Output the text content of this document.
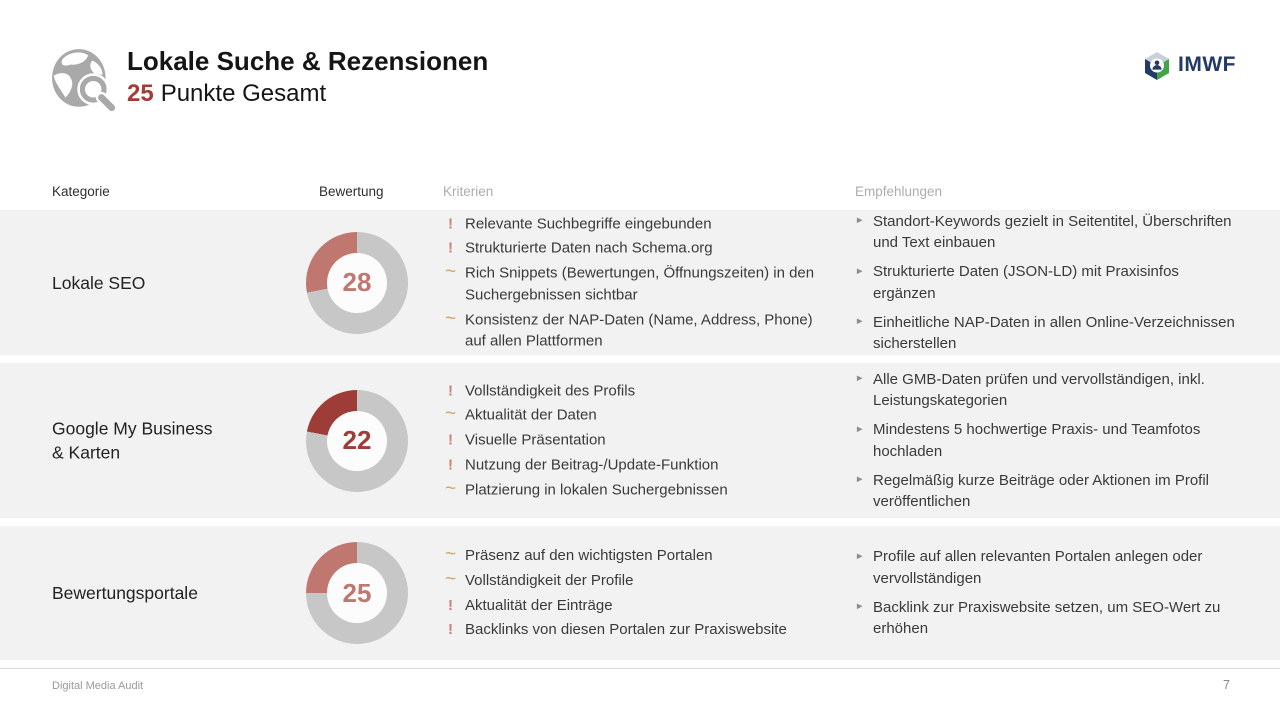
Lokale Suche & Rezensionen
25 Punkte Gesamt
IMWF
Kategorie	Bewertung	Kriterien	Empfehlungen
Lokale SEO	28
! Relevante Suchbegriffe eingebunden
! Strukturierte Daten nach Schema.org
~ Rich Snippets (Bewertungen, Öffnungszeiten) in den Suchergebnissen sichtbar
~ Konsistenz der NAP-Daten (Name, Address, Phone) auf allen Plattformen
► Standort-Keywords gezielt in Seitentitel, Überschriften und Text einbauen
► Strukturierte Daten (JSON-LD) mit Praxisinfos ergänzen
► Einheitliche NAP-Daten in allen Online-Verzeichnissen sicherstellen
Google My Business & Karten	22
! Vollständigkeit des Profils
~ Aktualität der Daten
! Visuelle Präsentation
! Nutzung der Beitrag-/Update-Funktion
~ Platzierung in lokalen Suchergebnissen
► Alle GMB-Daten prüfen und vervollständigen, inkl. Leistungskategorien
► Mindestens 5 hochwertige Praxis- und Teamfotos hochladen
► Regelmäßig kurze Beiträge oder Aktionen im Profil veröffentlichen
Bewertungsportale	25
~ Präsenz auf den wichtigsten Portalen
~ Vollständigkeit der Profile
! Aktualität der Einträge
! Backlinks von diesen Portalen zur Praxiswebsite
► Profile auf allen relevanten Portalen anlegen oder vervollständigen
► Backlink zur Praxiswebsite setzen, um SEO-Wert zu erhöhen
Digital Media Audit	7
